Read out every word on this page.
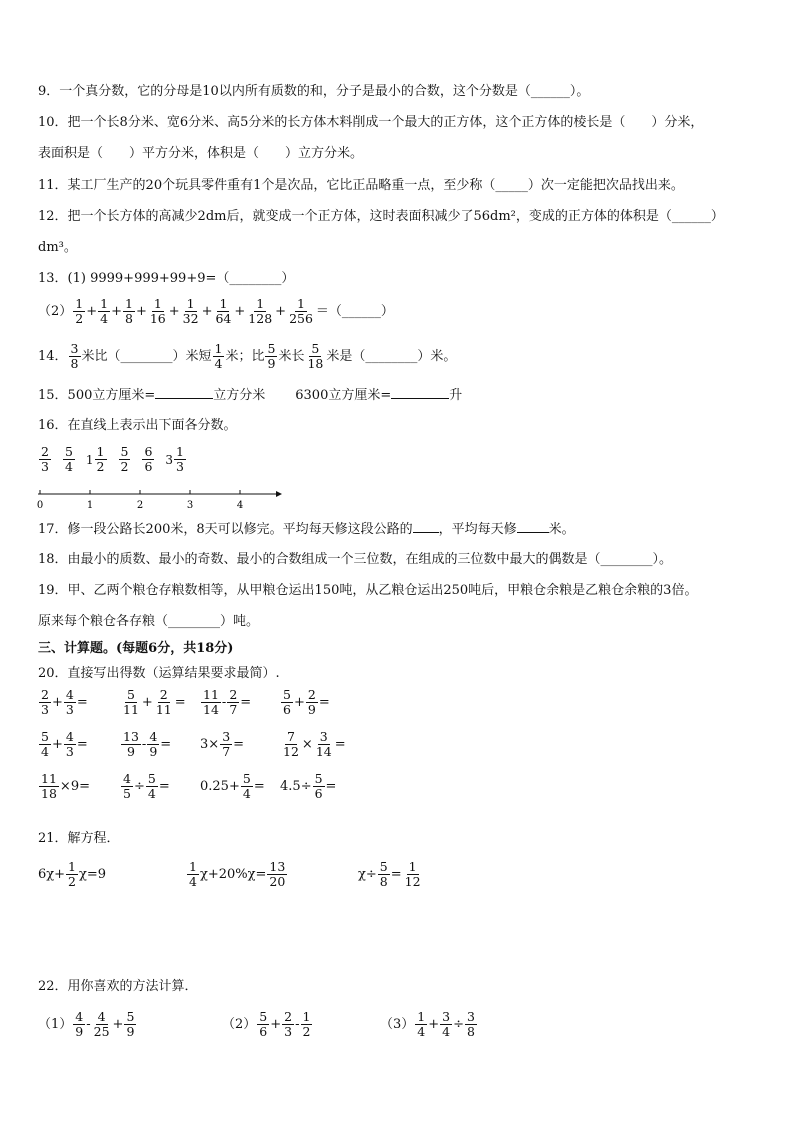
9．一个真分数，它的分母是10以内所有质数的和，分子是最小的合数，这个分数是（______）。
10．把一个长8分米、宽6分米、高5分米的长方体木料削成一个最大的正方体，这个正方体的棱长是（　　）分米，
表面积是（　　）平方分米，体积是（　　）立方分米。
11．某工厂生产的20个玩具零件重有1个是次品，它比正品略重一点，至少称（_____）次一定能把次品找出来。
12．把一个长方体的高减少2dm后，就变成一个正方体，这时表面积减少了56dm²，变成的正方体的体积是（______）
dm³。
13．(1) 9999+999+99+9=（________）
$(2) \frac{1}{2} + \frac{1}{4} + \frac{1}{8} + \frac{1}{16} + \frac{1}{32} + \frac{1}{64} + \frac{1}{128} + \frac{1}{256}$ ＝（______）
14． $\frac{3}{8}$ 米比（________）米短 $\frac{1}{4}$ 米；比 $\frac{5}{9}$ 米长 $\frac{5}{18}$ 米是（________）米。
15．500立方厘米=	立方分米 6300立方厘米=	升
16．在直线上表示出下面各分数。
$\frac{2}{3} \frac{5}{4} 1 \frac{1}{2} \frac{5}{2} \frac{6}{6} 3 \frac{1}{3}$
0	1	2	3	4
17．修一段公路长200米，8天可以修完。平均每天修这段公路的 ，平均每天修 米。
18．由最小的质数、最小的奇数、最小的合数组成一个三位数，在组成的三位数中最大的偶数是（________）。
19．甲、乙两个粮仓存粮数相等，从甲粮仓运出150吨，从乙粮仓运出250吨后，甲粮仓余粮是乙粮仓余粮的3倍。
原来每个粮仓各存粮（________）吨。
三、计算题。(每题6分，共18分)
20．直接写出得数（运算结果要求最简）.
$\frac{2}{3} + \frac{4}{3}$ =	$\frac{5}{11} + \frac{2}{11} = \frac{11}{14} - \frac{2}{7} = \frac{5}{6} + \frac{2}{9}$ =
$\frac{5}{4} + \frac{4}{3}$ =	$\frac{13}{9} - \frac{4}{9} = 3\times \frac{3}{7}$ =	$\frac{7}{12} \times \frac{3}{14}$ =
$\frac{11}{18} \times 9= \frac{4}{5} \div \frac{5}{4} = 0.25+ \frac{5}{4} = 4.5\div \frac{5}{6}$ =
21．解方程．
$6\chi+ \frac{1}{2} \chi=9$	$\frac{1}{4} \chi+20\%\chi= \frac{13}{20}$	$\chi\div \frac{5}{8} = \frac{1}{12}$
22．用你喜欢的方法计算．
$(1) \frac{4}{9} - \frac{4}{25} + \frac{5}{9}$	$(2) \frac{5}{6} + \frac{2}{3} - \frac{1}{2}$	$(3) \frac{1}{4} + \frac{3}{4} \div \frac{3}{8}$
